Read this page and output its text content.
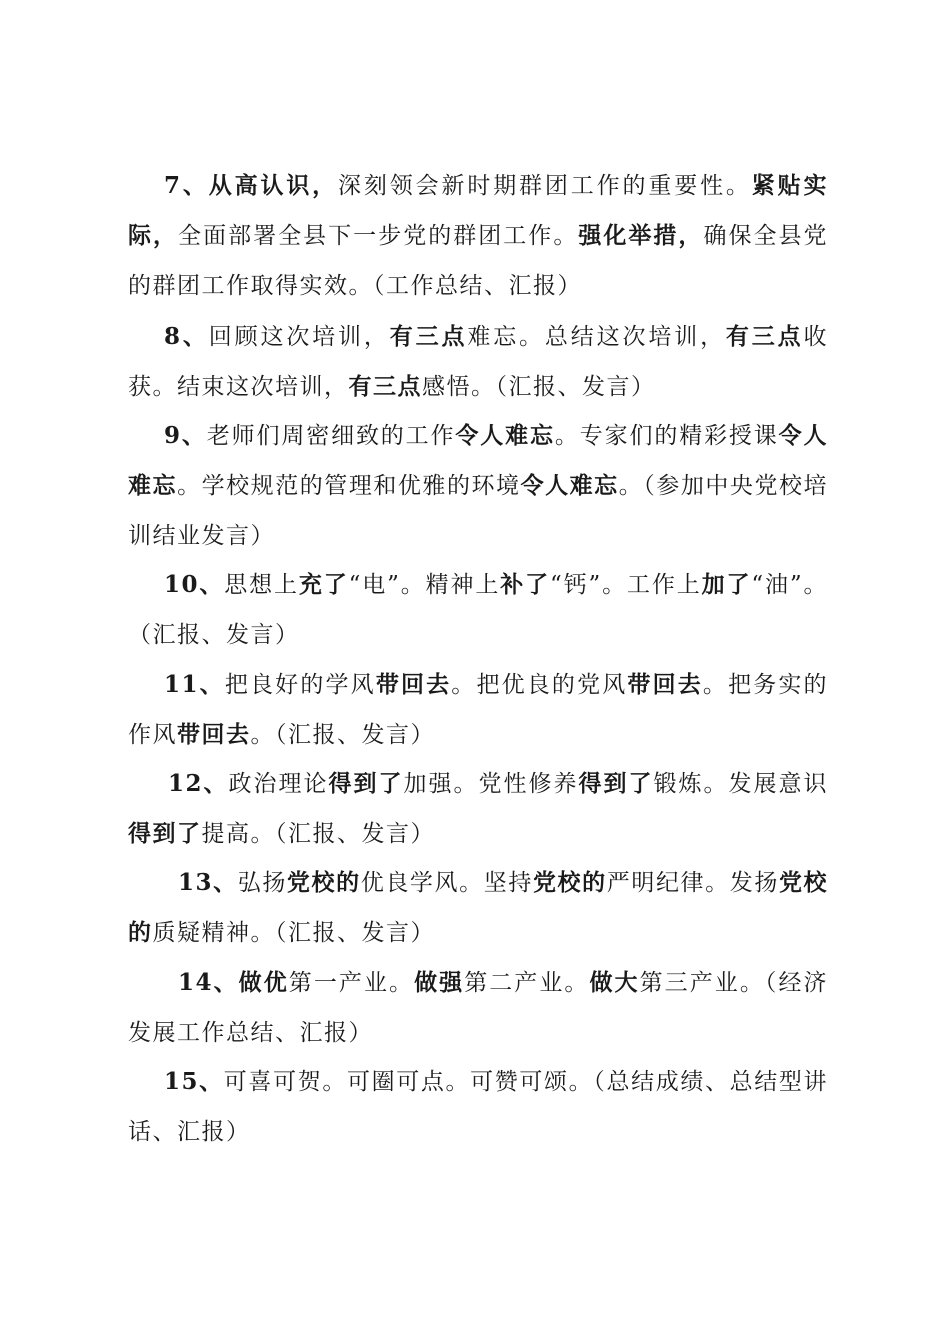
7、从高认识，深刻领会新时期群团工作的重要性。紧贴实际，全面部署全县下一步党的群团工作。强化举措，确保全县党的群团工作取得实效。（工作总结、汇报）

8、回顾这次培训，有三点难忘。总结这次培训，有三点收获。结束这次培训，有三点感悟。（汇报、发言）

9、老师们周密细致的工作令人难忘。专家们的精彩授课令人难忘。学校规范的管理和优雅的环境令人难忘。（参加中央党校培训结业发言）

10、思想上充了“电”。精神上补了“钙”。工作上加了“油”。（汇报、发言）

11、把良好的学风带回去。把优良的党风带回去。把务实的作风带回去。（汇报、发言）

12、政治理论得到了加强。党性修养得到了锻炼。发展意识得到了提高。（汇报、发言）

13、弘扬党校的优良学风。坚持党校的严明纪律。发扬党校的质疑精神。（汇报、发言）

14、做优第一产业。做强第二产业。做大第三产业。（经济发展工作总结、汇报）

15、可喜可贺。可圈可点。可赞可颂。（总结成绩、总结型讲话、汇报）
